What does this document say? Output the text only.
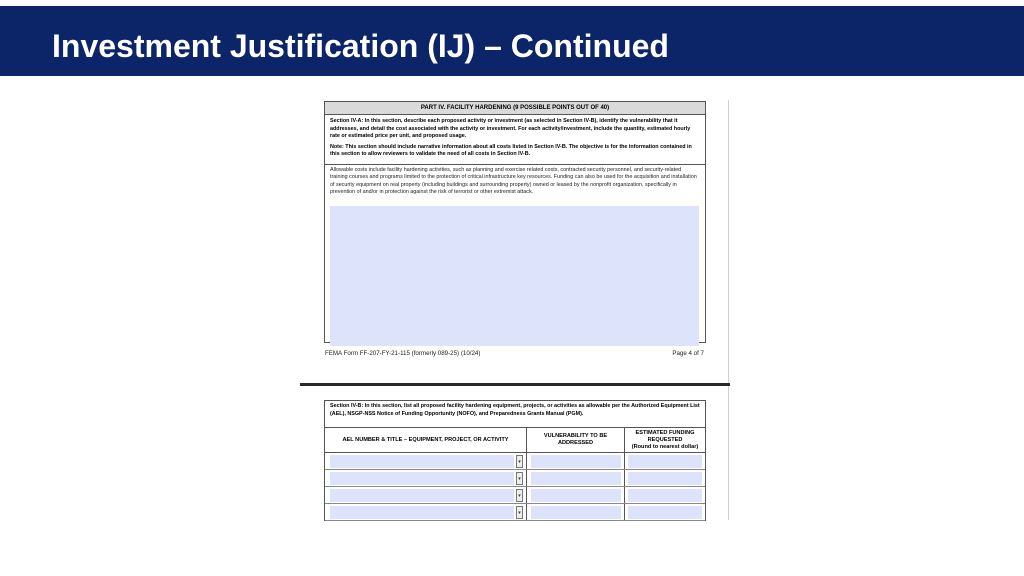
Investment Justification (IJ) – Continued
PART IV. FACILITY HARDENING (9 POSSIBLE POINTS OUT OF 40)

Section IV-A: In this section, describe each proposed activity or investment (as selected in Section IV-B), identify the vulnerability that it addresses, and detail the cost associated with the activity or investment. For each activity/investment, include the quantity, estimated hourly rate or estimated price per unit, and proposed usage.

Note: This section should include narrative information about all costs listed in Section IV-B. The objective is for the information contained in this section to allow reviewers to validate the need of all costs in Section IV-B.

Allowable costs include facility hardening activities, such as planning and exercise related costs, contracted security personnel, and security-related training courses and programs limited to the protection of critical infrastructure key resources. Funding can also be used for the acquisition and installation of security equipment on real property (including buildings and surrounding property) owned or leased by the nonprofit organization, specifically in prevention of and/or in protection against the risk of terrorist or other extremist attack.
FEMA Form FF-207-FY-21-115 (formerly 089-25) (10/24)	Page 4 of 7
Section IV-B: In this section, list all proposed facility hardening equipment, projects, or activities as allowable per the Authorized Equipment List (AEL), NSGP-NSS Notice of Funding Opportunity (NOFO), and Preparedness Grants Manual (PGM).
AEL NUMBER & TITLE – EQUIPMENT, PROJECT, OR ACTIVITY
VULNERABILITY TO BE ADDRESSED
ESTIMATED FUNDING REQUESTED
(Round to nearest dollar)
▾
▾
▾
▾
